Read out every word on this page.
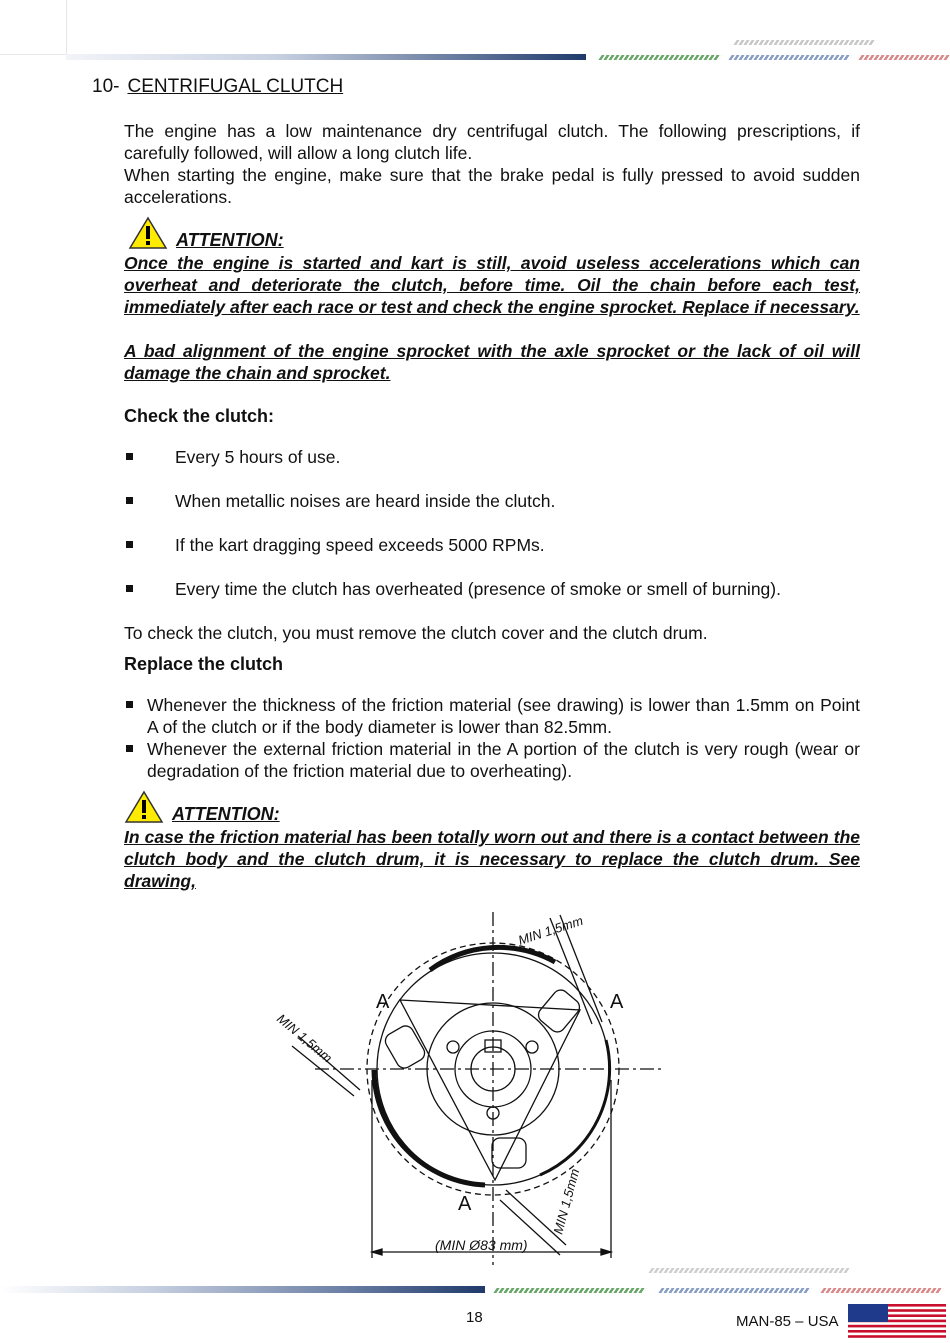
10- CENTRIFUGAL CLUTCH
The engine has a low maintenance dry centrifugal clutch. The following prescriptions, if carefully followed, will allow a long clutch life.
When starting the engine, make sure that the brake pedal is fully pressed to avoid sudden accelerations.
ATTENTION:
Once the engine is started and kart is still, avoid useless accelerations which can overheat and deteriorate the clutch, before time. Oil the chain before each test, immediately after each race or test and check the engine sprocket. Replace if necessary.
A bad alignment of the engine sprocket with the axle sprocket or the lack of oil will damage the chain and sprocket.
Check the clutch:
Every 5 hours of use.
When metallic noises are heard inside the clutch.
If the kart dragging speed exceeds 5000 RPMs.
Every time the clutch has overheated (presence of smoke or smell of burning).
To check the clutch, you must remove the clutch cover and the clutch drum.
Replace the clutch
Whenever the thickness of the friction material (see drawing) is lower than 1.5mm on Point A of the clutch or if the body diameter is lower than 82.5mm.
Whenever the external friction material in the A portion of the clutch is very rough (wear or degradation of the friction material due to overheating).
ATTENTION:
In case the friction material has been totally worn out and there is a contact between the clutch body and the clutch drum, it is necessary to replace the clutch drum. See drawing,
MIN 1,5mm
MIN 1,5mm
MIN 1,5mm
A	A
A
(MIN Ø83 mm)
18	MAN-85 – USA
